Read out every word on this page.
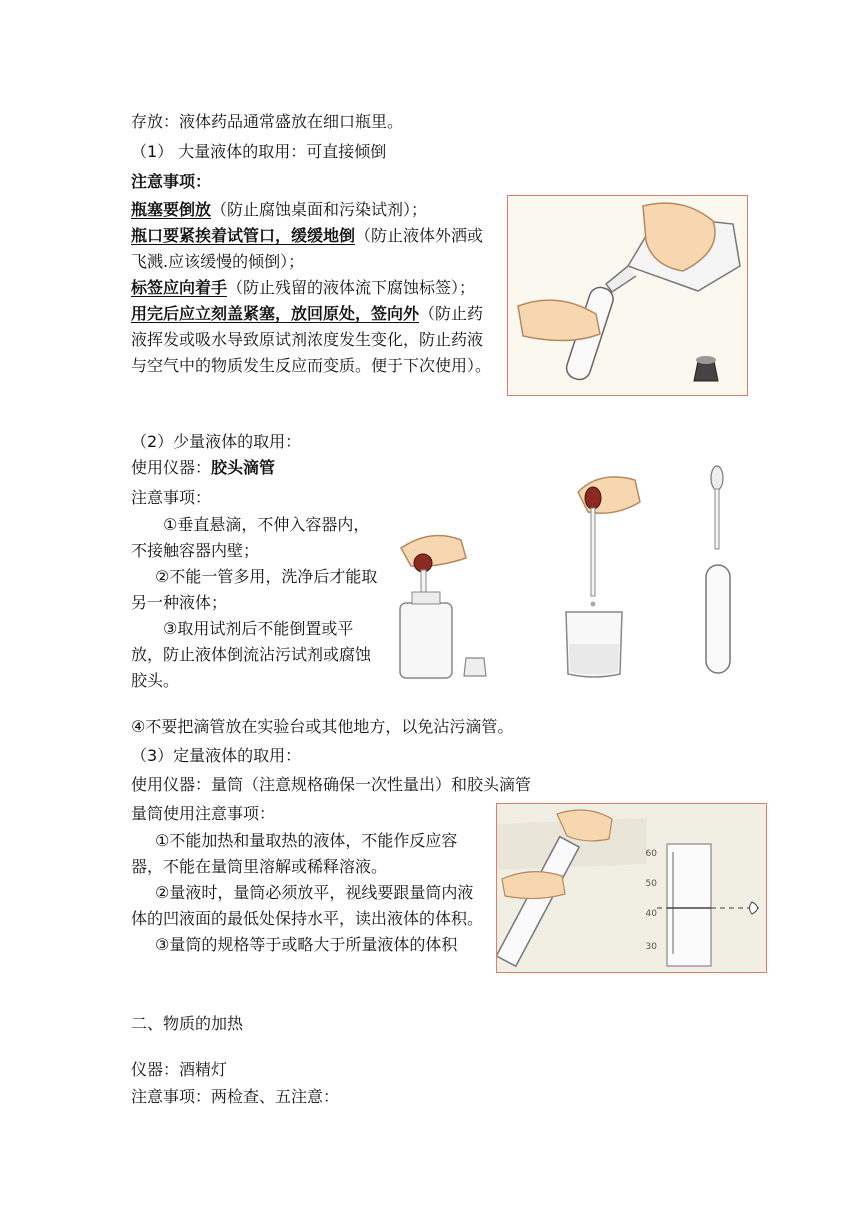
存放：液体药品通常盛放在细口瓶里。
（1） 大量液体的取用：可直接倾倒
注意事项：
瓶塞要倒放（防止腐蚀桌面和污染试剂）；
瓶口要紧挨着试管口，缓缓地倒（防止液体外洒或飞溅.应该缓慢的倾倒）；
标签应向着手（防止残留的液体流下腐蚀标签）；
用完后应立刻盖紧塞，放回原处，签向外（防止药液挥发或吸水导致原试剂浓度发生变化，防止药液与空气中的物质发生反应而变质。便于下次使用）。
（2）少量液体的取用：
使用仪器：胶头滴管
注意事项：
①垂直悬滴，不伸入容器内，不接触容器内壁；
②不能一管多用，洗净后才能取另一种液体；
③取用试剂后不能倒置或平放，防止液体倒流沾污试剂或腐蚀胶头。
④不要把滴管放在实验台或其他地方，以免沾污滴管。
（3）定量液体的取用：
使用仪器：量筒（注意规格确保一次性量出）和胶头滴管
量筒使用注意事项：
①不能加热和量取热的液体，不能作反应容器，不能在量筒里溶解或稀释溶液。
②量液时，量筒必须放平，视线要跟量筒内液体的凹液面的最低处保持水平，读出液体的体积。
③量筒的规格等于或略大于所量液体的体积
60
50
40
30
二、物质的加热
仪器：酒精灯
注意事项：两检查、五注意：
